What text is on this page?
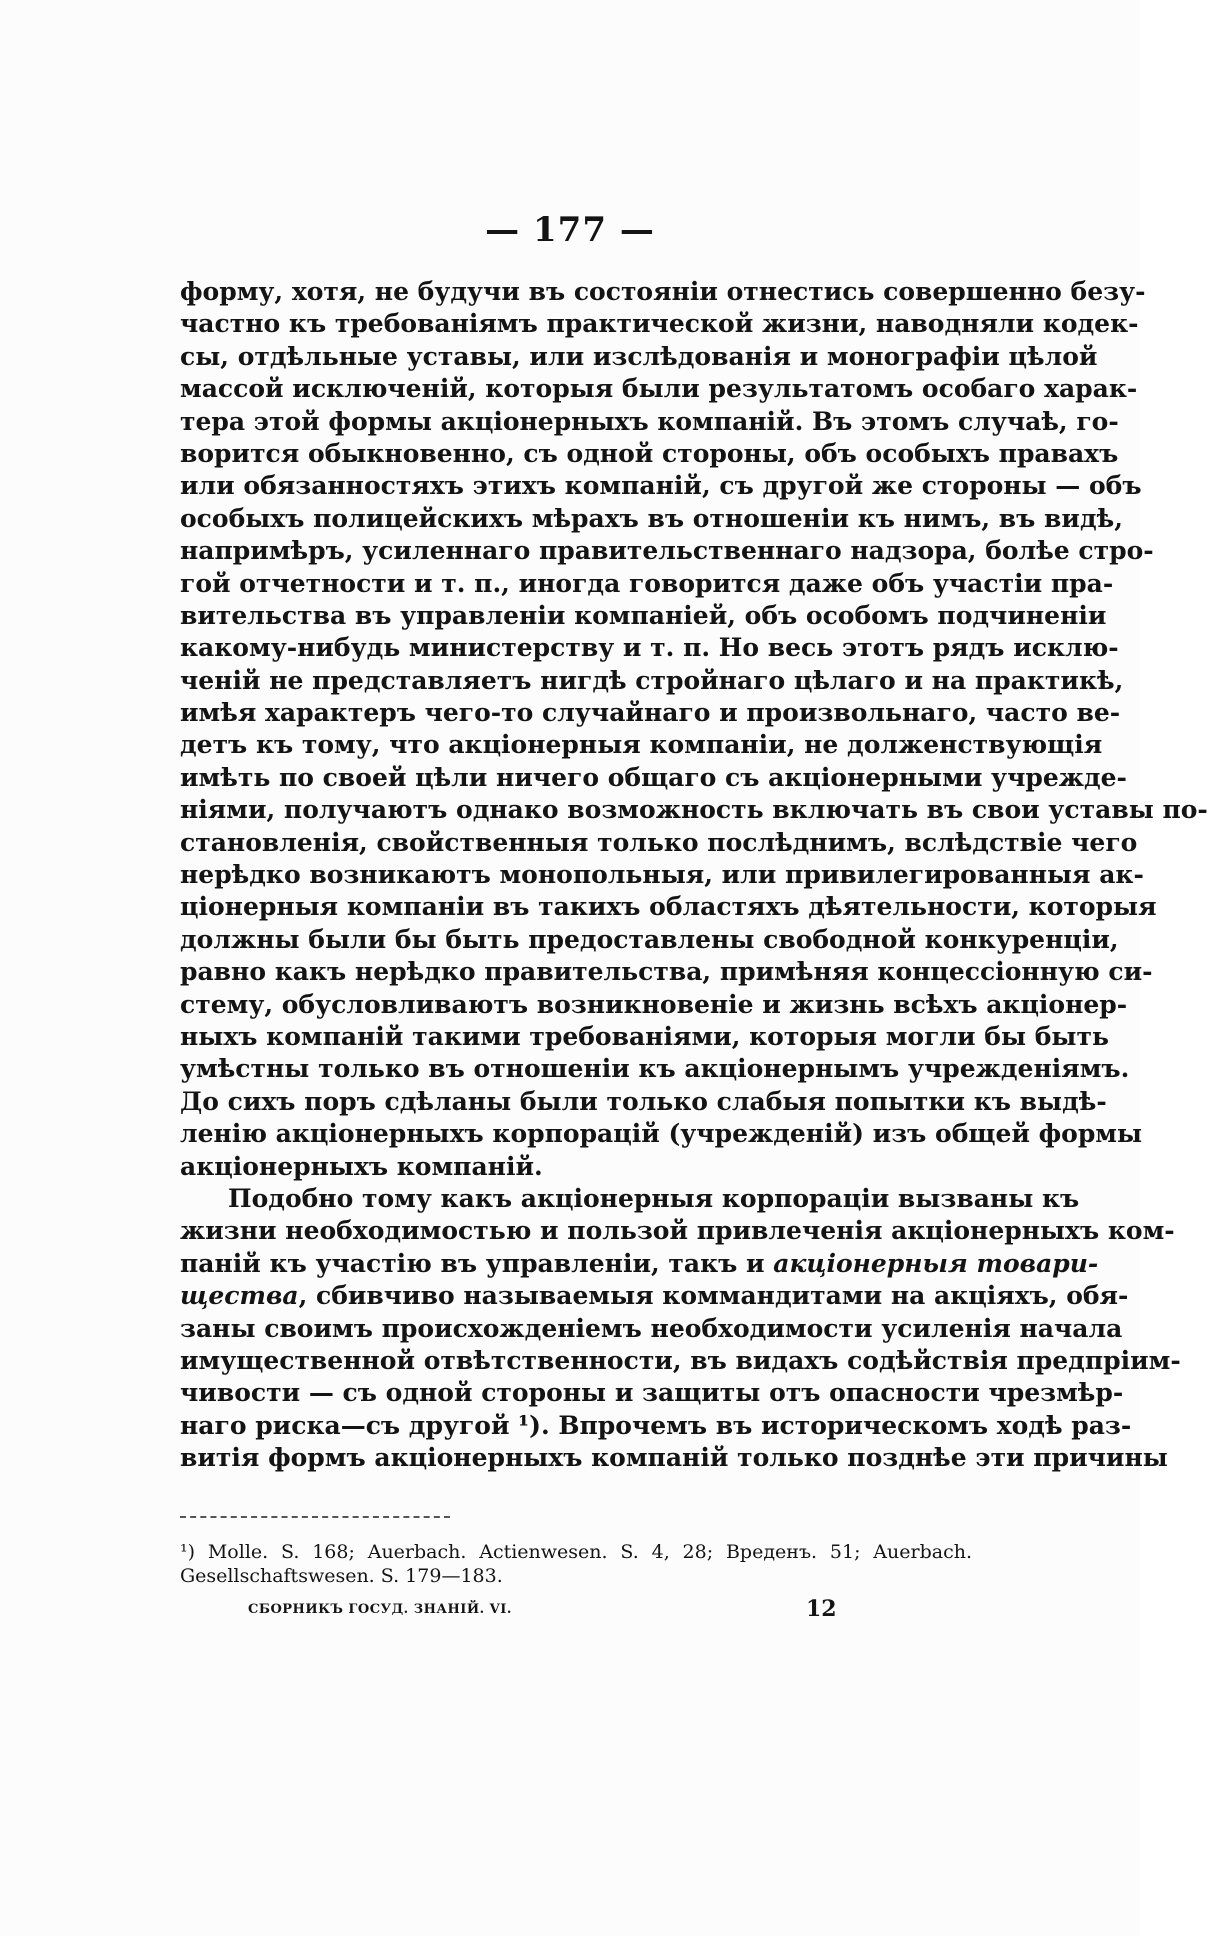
— 177 —
форму, хотя, не будучи въ состояніи отнестись совершенно безу-
частно къ требованіямъ практической жизни, наводняли кодек-
сы, отдѣльные уставы, или изслѣдованія и монографіи цѣлой
массой исключеній, которыя были результатомъ особаго харак-
тера этой формы акціонерныхъ компаній. Въ этомъ случаѣ, го-
ворится обыкновенно, съ одной стороны, объ особыхъ правахъ
или обязанностяхъ этихъ компаній, съ другой же стороны — объ
особыхъ полицейскихъ мѣрахъ въ отношеніи къ нимъ, въ видѣ,
напримѣръ, усиленнаго правительственнаго надзора, болѣе стро-
гой отчетности и т. п., иногда говорится даже объ участіи пра-
вительства въ управленіи компаніей, объ особомъ подчиненіи
какому-нибудь министерству и т. п. Но весь этотъ рядъ исклю-
ченій не представляетъ нигдѣ стройнаго цѣлаго и на практикѣ,
имѣя характеръ чего-то случайнаго и произвольнаго, часто ве-
детъ къ тому, что акціонерныя компаніи, не долженствующія
имѣть по своей цѣли ничего общаго съ акціонерными учрежде-
ніями, получаютъ однако возможность включать въ свои уставы по-
становленія, свойственныя только послѣднимъ, вслѣдствіе чего
нерѣдко возникаютъ монопольныя, или привилегированныя ак-
ціонерныя компаніи въ такихъ областяхъ дѣятельности, которыя
должны были бы быть предоставлены свободной конкуренціи,
равно какъ нерѣдко правительства, примѣняя концессіонную си-
стему, обусловливаютъ возникновеніе и жизнь всѣхъ акціонер-
ныхъ компаній такими требованіями, которыя могли бы быть
умѣстны только въ отношеніи къ акціонернымъ учрежденіямъ.
До сихъ поръ сдѣланы были только слабыя попытки къ выдѣ-
ленію акціонерныхъ корпорацій (учрежденій) изъ общей формы
акціонерныхъ компаній.
Подобно тому какъ акціонерныя корпораціи вызваны къ
жизни необходимостью и пользой привлеченія акціонерныхъ ком-
паній къ участію въ управленіи, такъ и акціонерныя товари-
щества, сбивчиво называемыя коммандитами на акціяхъ, обя-
заны своимъ происхожденіемъ необходимости усиленія начала
имущественной отвѣтственности, въ видахъ содѣйствія предпріим-
чивости — съ одной стороны и защиты отъ опасности чрезмѣр-
наго риска—съ другой ¹). Впрочемъ въ историческомъ ходѣ раз-
витія формъ акціонерныхъ компаній только позднѣе эти причины
¹) Molle. S. 168; Auerbach. Actienwesen. S. 4, 28; Вреденъ. 51; Auerbach.
Gesellschaftswesen. S. 179—183.
СБОРНИКЪ ГОСУД. ЗНАНІЙ. VI.	12
